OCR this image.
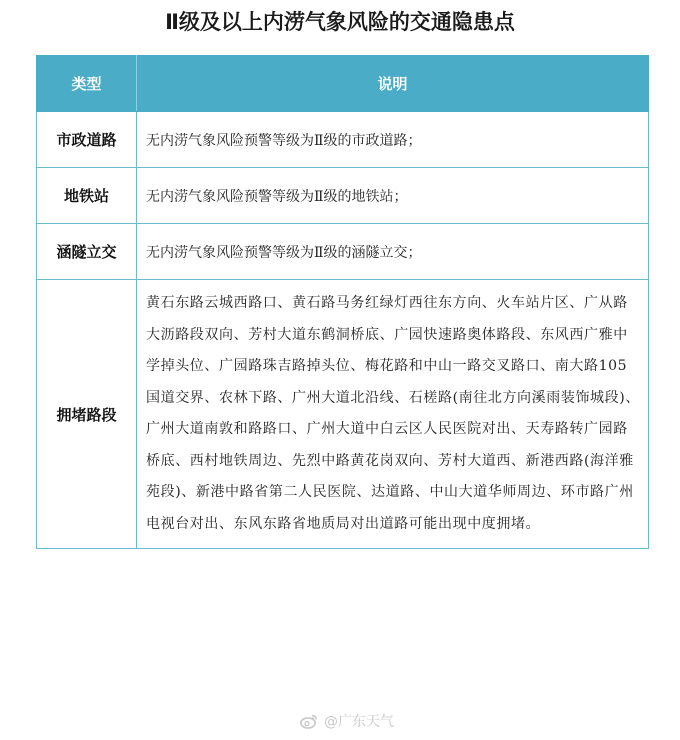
Ⅱ级及以上内涝气象风险的交通隐患点
类型	说明
市政道路	无内涝气象风险预警等级为Ⅱ级的市政道路；
地铁站	无内涝气象风险预警等级为Ⅱ级的地铁站；
涵隧立交	无内涝气象风险预警等级为Ⅱ级的涵隧立交；
拥堵路段	黄石东路云城西路口、黄石路马务红绿灯西往东方向、火车站片区、广从路大沥路段双向、芳村大道东鹤洞桥底、广园快速路奥体路段、东风西广雅中学掉头位、广园路珠吉路掉头位、梅花路和中山一路交叉路口、南大路105国道交界、农林下路、广州大道北沿线、石槎路(南往北方向溪雨装饰城段)、广州大道南敦和路路口、广州大道中白云区人民医院对出、天寿路转广园路桥底、西村地铁周边、先烈中路黄花岗双向、芳村大道西、新港西路(海洋雅苑段)、新港中路省第二人民医院、达道路、中山大道华师周边、环市路广州电视台对出、东风东路省地质局对出道路可能出现中度拥堵。
@广东天气
